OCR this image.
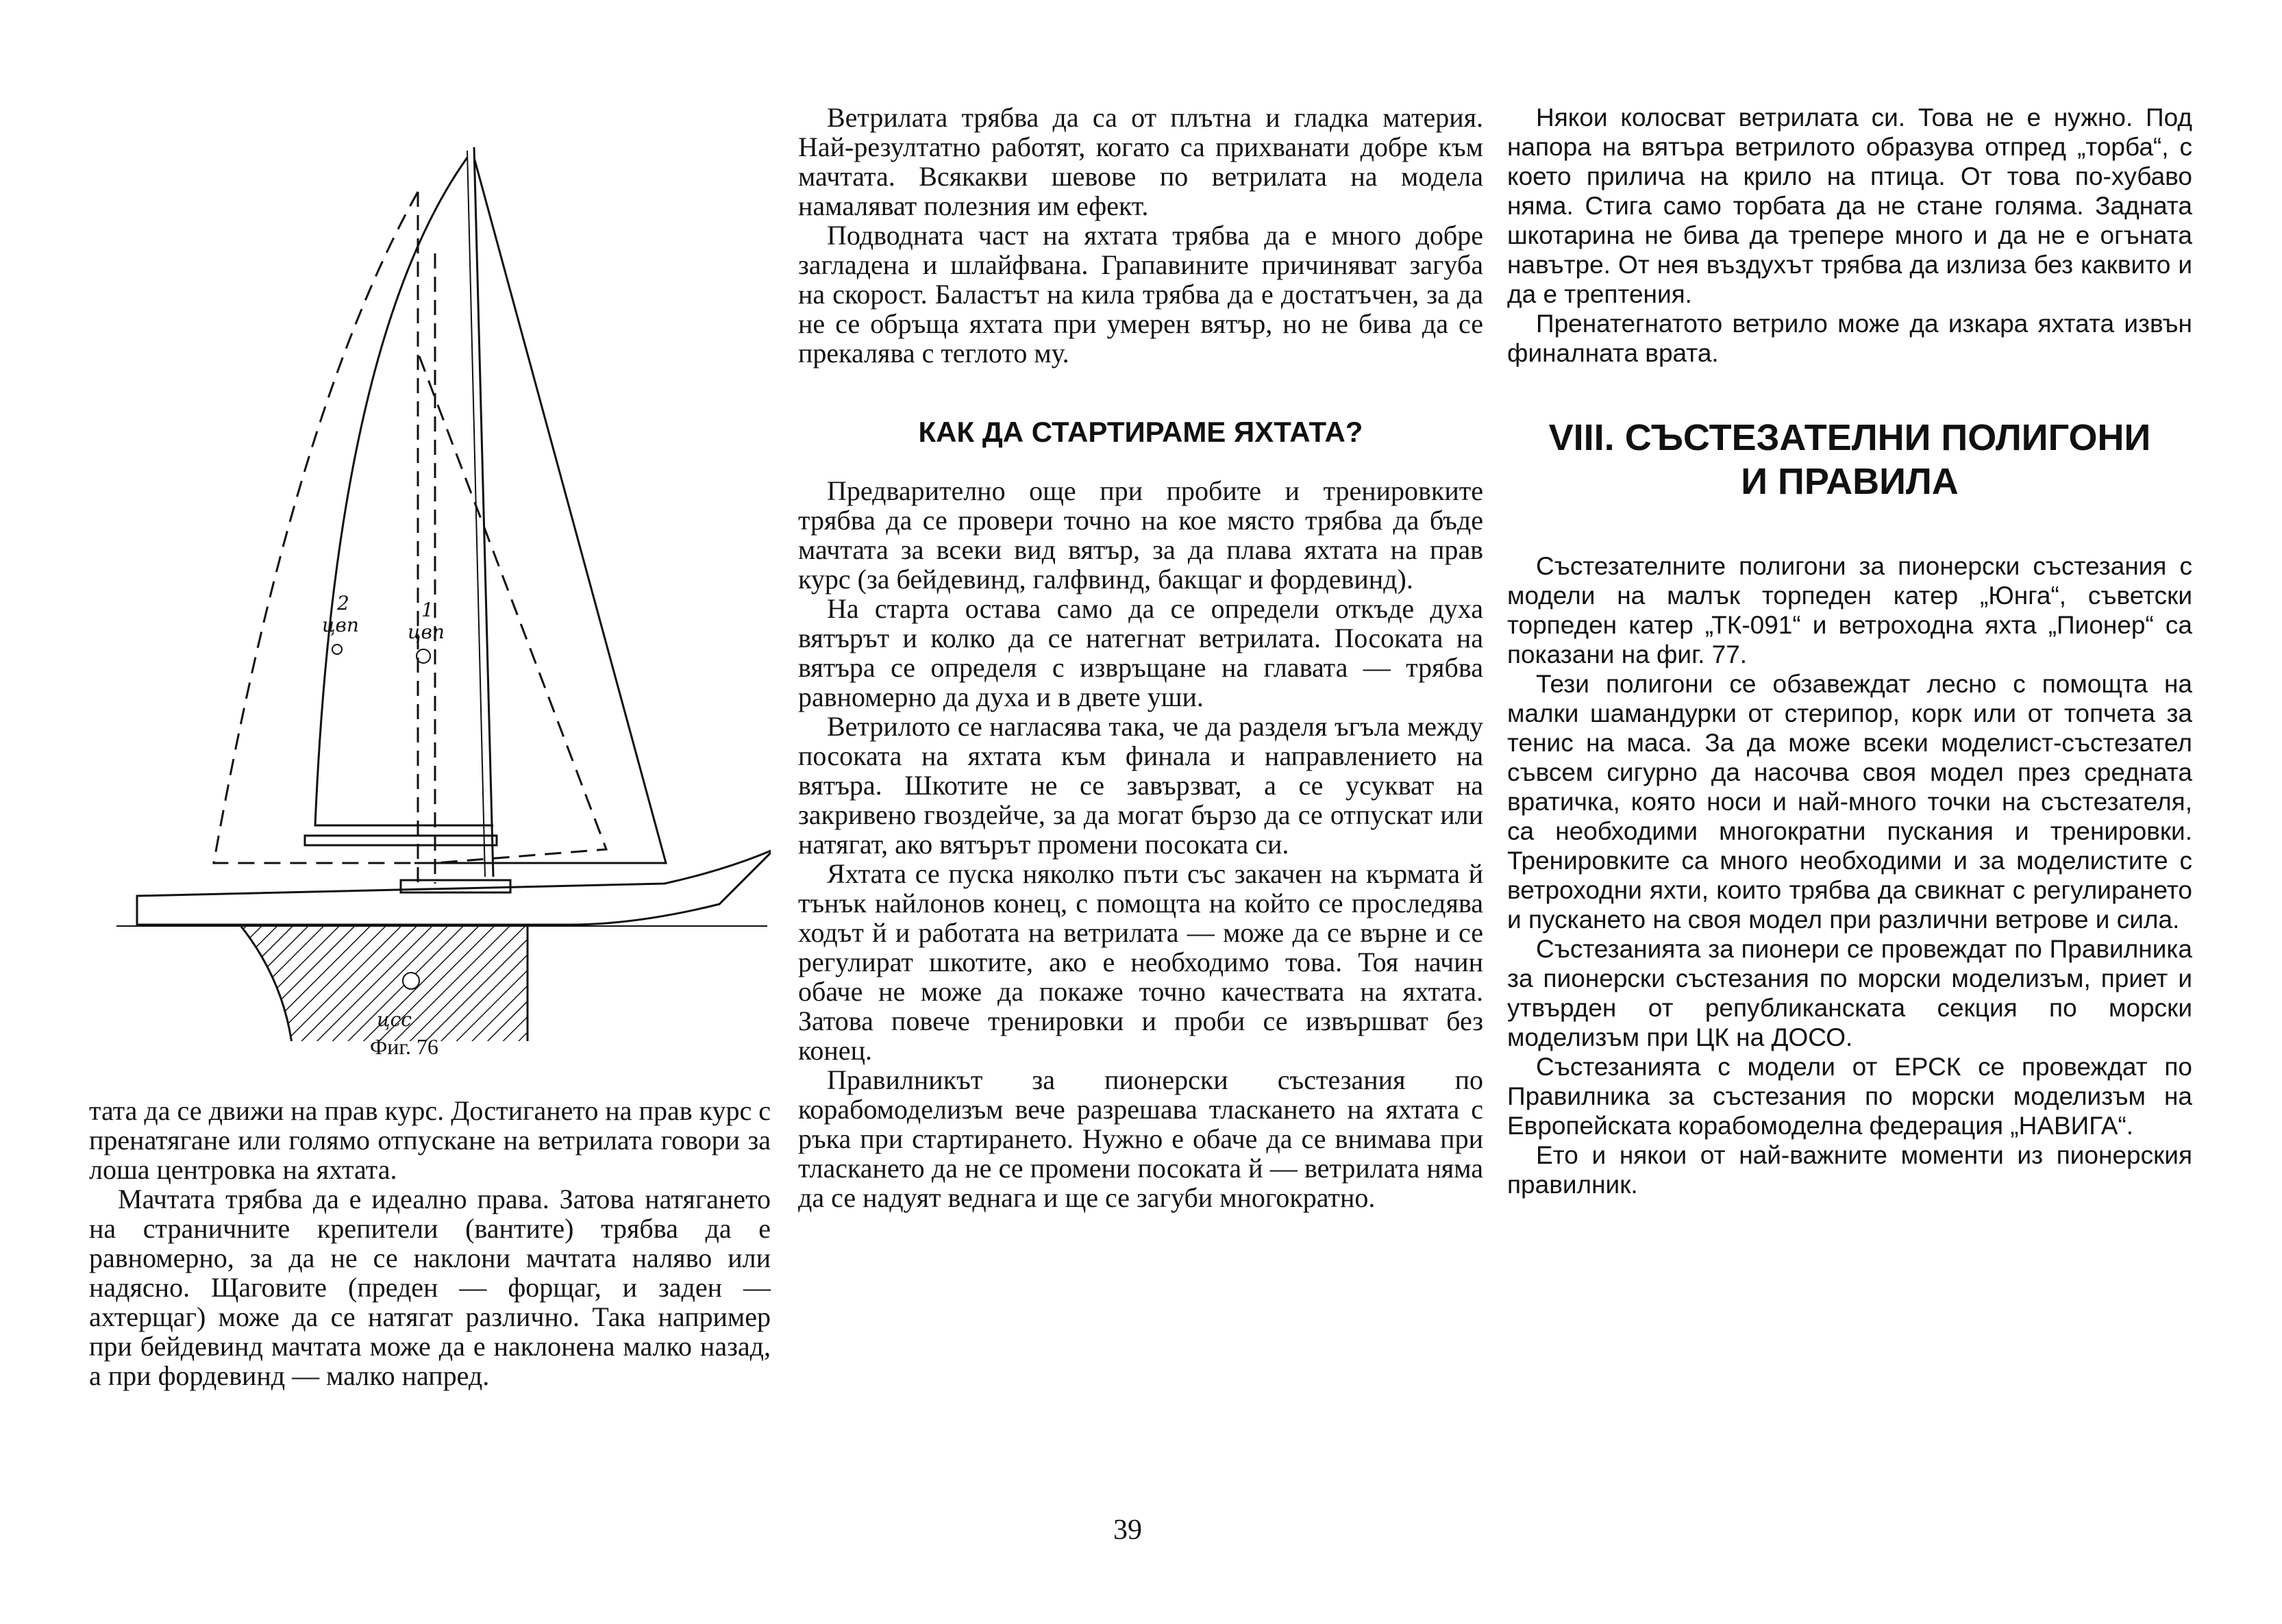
2
цвп
1
цвп
цсс
Фиг. 76

тата да се движи на прав курс. Достигането на прав курс с пренатягане или голямо отпускане на ветрилата говори за лоша центровка на яхтата.

Мачтата трябва да е идеално права. Затова натягането на страничните крепители (вантите) трябва да е равномерно, за да не се наклони мачтата наляво или надясно. Щаговите (преден — форщаг, и заден — ахтерщаг) може да се натягат различно. Така например при бейдевинд мачтата може да е наклонена малко назад, а при фордевинд — малко напред.

Ветрилата трябва да са от плътна и гладка материя. Най-резултатно работят, когато са прихванати добре към мачтата. Всякакви шевове по ветрилата на модела намаляват полезния им ефект.

Подводната част на яхтата трябва да е много добре загладена и шлайфвана. Грапавините причиняват загуба на скорост. Баластът на кила трябва да е достатъчен, за да не се обръща яхтата при умерен вятър, но не бива да се прекалява с теглото му.

КАК ДА СТАРТИРАМЕ ЯХТАТА?

Предварително още при пробите и тренировките трябва да се провери точно на кое място трябва да бъде мачтата за всеки вид вятър, за да плава яхтата на прав курс (за бейдевинд, галфвинд, бакщаг и фордевинд).

На старта остава само да се определи откъде духа вятърът и колко да се натегнат ветрилата. Посоката на вятъра се определя с извръщане на главата — трябва равномерно да духа и в двете уши.

Ветрилото се нагласява така, че да разделя ъгъла между посоката на яхтата към финала и направлението на вятъра. Шкотите не се завързват, а се усукват на закривено гвоздейче, за да могат бързо да се отпускат или натягат, ако вятърът промени посоката си.

Яхтата се пуска няколко пъти със закачен на кърмата й тънък найлонов конец, с помощта на който се проследява ходът й и работата на ветрилата — може да се върне и се регулират шкотите, ако е необходимо това. Тоя начин обаче не може да покаже точно качествата на яхтата. Затова повече тренировки и проби се извършват без конец.

Правилникът за пионерски състезания по корабомоделизъм вече разрешава тласкането на яхтата с ръка при стартирането. Нужно е обаче да се внимава при тласкането да не се промени посоката й — ветрилата няма да се надуят веднага и ще се загуби многократно.

Някои колосват ветрилата си. Това не е нужно. Под напора на вятъра ветрилото образува отпред „торба“, с което прилича на крило на птица. От това по-хубаво няма. Стига само торбата да не стане голяма. Задната шкотарина не бива да трепере много и да не е огъната навътре. От нея въздухът трябва да излиза без каквито и да е трептения.

Пренатегнатото ветрило може да изкара яхтата извън финалната врата.

VIII. СЪСТЕЗАТЕЛНИ ПОЛИГОНИ
И ПРАВИЛА

Състезателните полигони за пионерски състезания с модели на малък торпеден катер „Юнга“, съветски торпеден катер „ТК-091“ и ветроходна яхта „Пионер“ са показани на фиг. 77.

Тези полигони се обзавеждат лесно с помощта на малки шамандурки от стерипор, корк или от топчета за тенис на маса. За да може всеки моделист-състезател съвсем сигурно да насочва своя модел през средната вратичка, която носи и най-много точки на състезателя, са необходими многократни пускания и тренировки. Тренировките са много необходими и за моделистите с ветроходни яхти, които трябва да свикнат с регулирането и пускането на своя модел при различни ветрове и сила.

Състезанията за пионери се провеждат по Правилника за пионерски състезания по морски моделизъм, приет и утвърден от републиканската секция по морски моделизъм при ЦК на ДОСО.

Състезанията с модели от ЕРСК се провеждат по Правилника за състезания по морски моделизъм на Европейската корабомоделна федерация „НАВИГА“.

Ето и някои от най-важните моменти из пионерския правилник.

39
